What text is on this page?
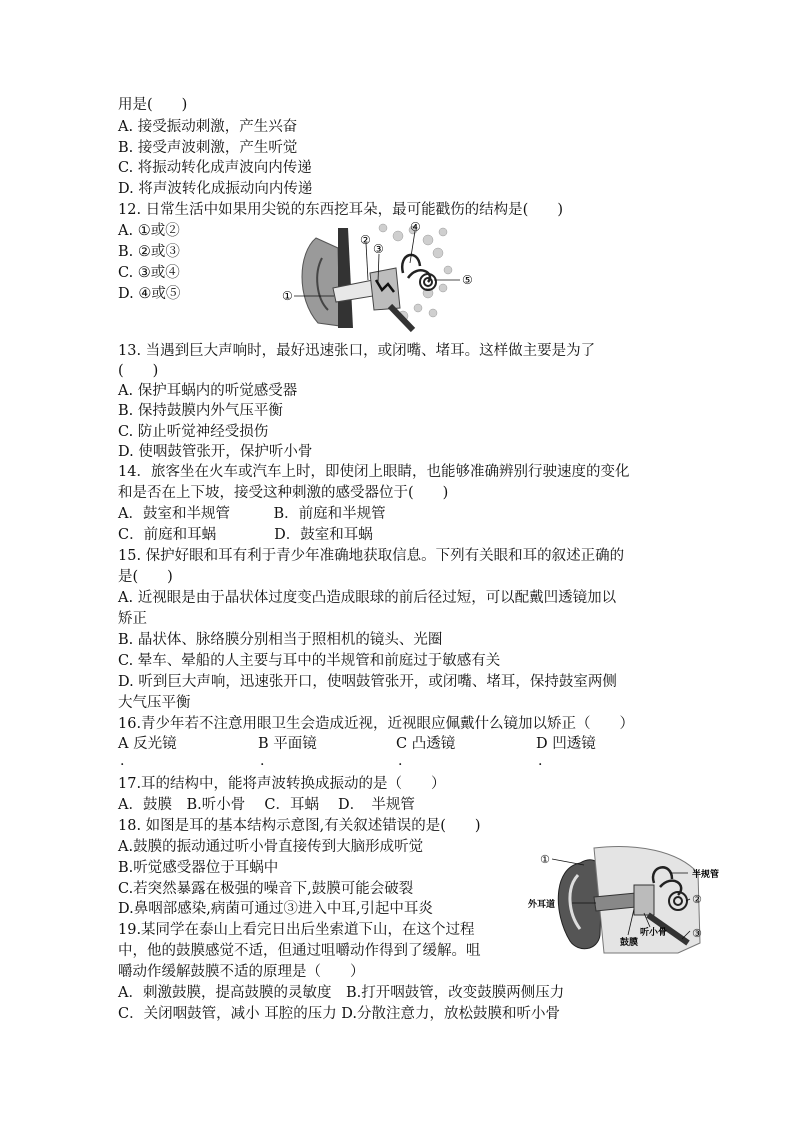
用是(　　)
A. 接受振动刺激，产生兴奋
B. 接受声波刺激，产生听觉
C. 将振动转化成声波向内传递
D. 将声波转化成振动向内传递
12. 日常生活中如果用尖锐的东西挖耳朵，最可能戳伤的结构是(　　)
A. ①或②
B. ②或③
C. ③或④
D. ④或⑤	①
②
③
④
⑤
13. 当遇到巨大声响时，最好迅速张口，或闭嘴、堵耳。这样做主要是为了
(　　)
A. 保护耳蜗内的听觉感受器
B. 保持鼓膜内外气压平衡
C. 防止听觉神经受损伤
D. 使咽鼓管张开，保护听小骨
14．旅客坐在火车或汽车上时，即使闭上眼睛，也能够准确辨别行驶速度的变化
和是否在上下坡，接受这种刺激的感受器位于(　　)
A．鼓室和半规管　　　B．前庭和半规管
C．前庭和耳蜗　　　　D．鼓室和耳蜗
15. 保护好眼和耳有利于青少年准确地获取信息。下列有关眼和耳的叙述正确的
是(　　)
A. 近视眼是由于晶状体过度变凸造成眼球的前后径过短，可以配戴凹透镜加以
矫正
B. 晶状体、脉络膜分别相当于照相机的镜头、光圈
C. 晕车、晕船的人主要与耳中的半规管和前庭过于敏感有关
D. 听到巨大声响，迅速张开口，使咽鼓管张开，或闭嘴、堵耳，保持鼓室两侧
大气压平衡
16.青少年若不注意用眼卫生会造成近视，近视眼应佩戴什么镜加以矫正（　　）
A 反光镜	B 平面镜	C 凸透镜	D 凹透镜
.	.	.	.
17.耳的结构中，能将声波转换成振动的是（　　）
A．鼓膜　B.听小骨　 C．耳蜗　 D．　半规管
18. 如图是耳的基本结构示意图,有关叙述错误的是(　　)
A.鼓膜的振动通过听小骨直接传到大脑形成听觉
B.听觉感受器位于耳蜗中
C.若突然暴露在极强的噪音下,鼓膜可能会破裂
D.鼻咽部感染,病菌可通过③进入中耳,引起中耳炎
①
外耳道
鼓膜
听小骨
半规管
②
③
19.某同学在泰山上看完日出后坐索道下山，在这个过程
中，他的鼓膜感觉不适，但通过咀嚼动作得到了缓解。咀
嚼动作缓解鼓膜不适的原理是（　　）
A．刺激鼓膜，提高鼓膜的灵敏度　B.打开咽鼓管，改变鼓膜两侧压力
C．关闭咽鼓管，减小 耳腔的压力 D.分散注意力，放松鼓膜和听小骨
